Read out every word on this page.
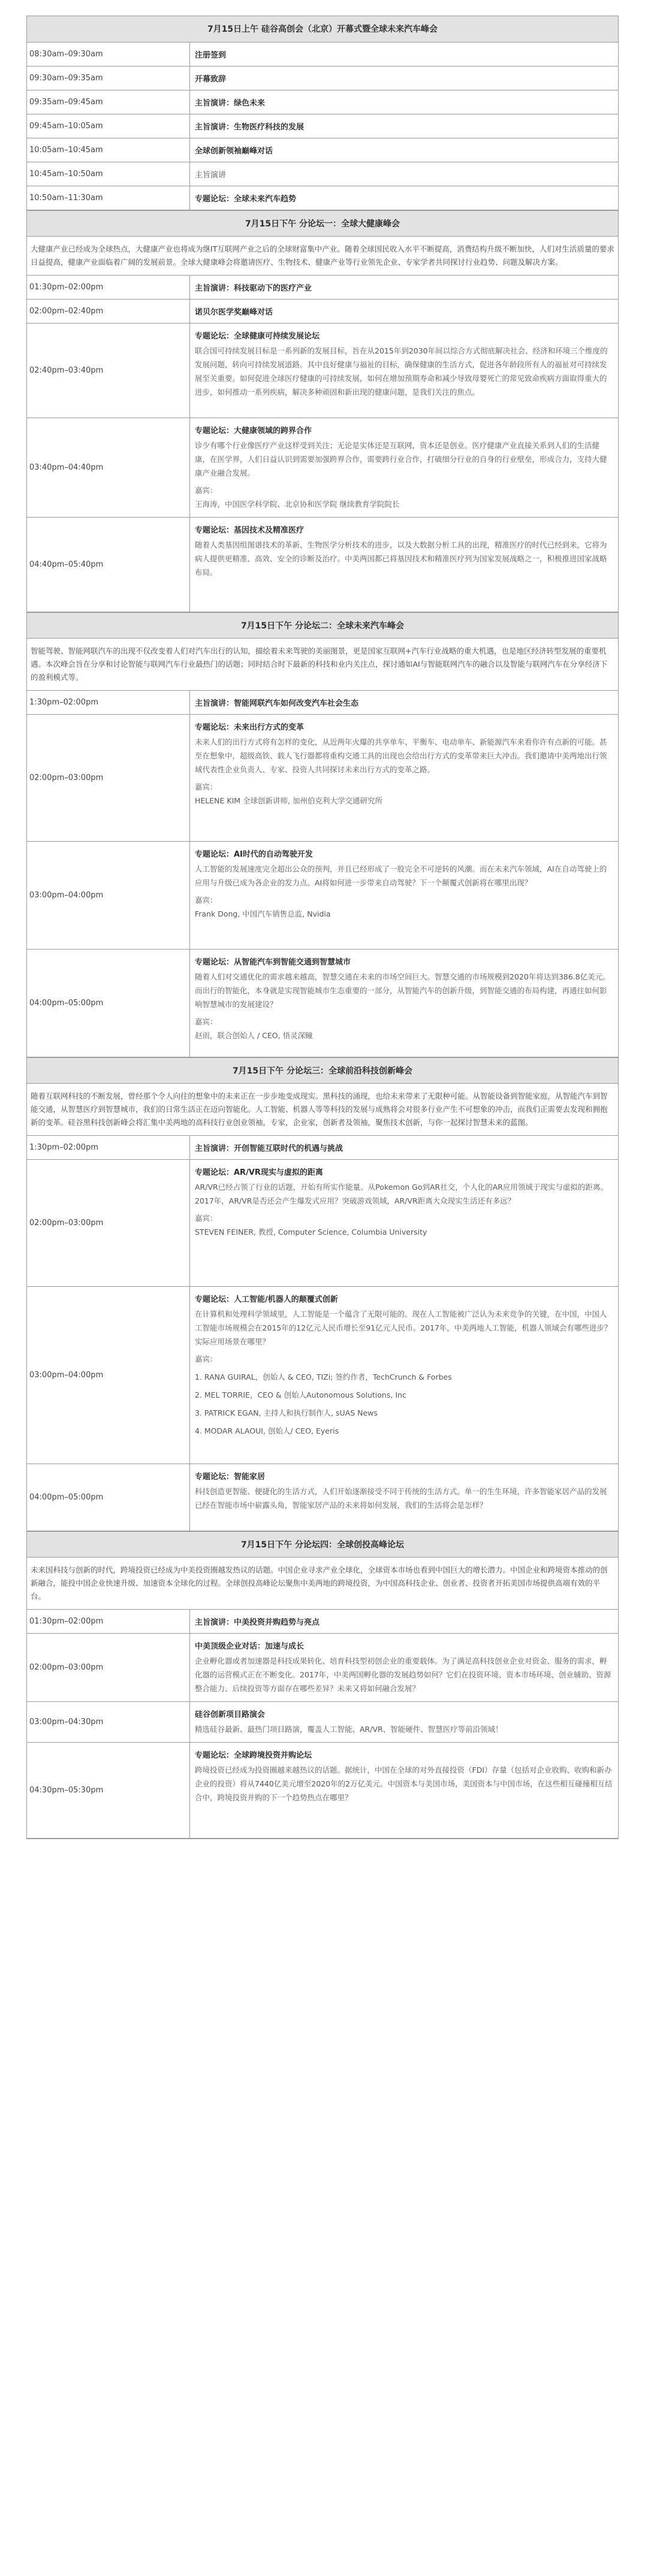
7月15日上午 硅谷高创会（北京）开幕式暨全球未来汽车峰会
08:30am–09:30am	注册签到
09:30am–09:35am	开幕致辞
09:35am–09:45am	主旨演讲：绿色未来
09:45am–10:05am	主旨演讲：生物医疗科技的发展
10:05am–10:45am	全球创新领袖巅峰对话
10:45am–10:50am	主旨演讲
10:50am–11:30am	专题论坛：全球未来汽车趋势
7月15日下午 分论坛一：全球大健康峰会
大健康产业已经成为全球热点，大健康产业也将成为继IT互联网产业之后的全球财富集中产业。随着全球国民收入水平不断提高，消费结构升级不断加快，人们对生活质量的要求日益提高，健康产业面临着广阔的发展前景。全球大健康峰会将邀请医疗、生物技术、健康产业等行业领先企业、专家学者共同探讨行业趋势、问题及解决方案。
01:30pm–02:00pm	主旨演讲：科技驱动下的医疗产业
02:00pm–02:40pm	诺贝尔医学奖巅峰对话
02:40pm–03:40pm
专题论坛：全球健康可持续发展论坛
联合国可持续发展目标是一系列新的发展目标，旨在从2015年到2030年间以综合方式彻底解决社会、经济和环境三个维度的发展问题，转向可持续发展道路。其中良好健康与福祉的目标，确保健康的生活方式，促进各年龄段所有人的福祉对可持续发展至关重要。如何促进全球医疗健康的可持续发展，如何在增加预期寿命和减少导致母婴死亡的常见致命疾病方面取得重大的进步，如何推动一系列疾病，解决多种顽固和新出现的健康问题，是我们关注的焦点。
03:40pm–04:40pm
专题论坛：大健康领域的跨界合作
诊少有哪个行业像医疗产业这样受到关注；无论是实体还是互联网，资本还是创业。医疗健康产业直接关系到人们的生活健康，在医学界，人们日益认识到需要加强跨界合作，需要跨行业合作，打破细分行业的自身的行业壁垒，形成合力，支持大健康产业融合发展。
嘉宾：
王海涛，中国医学科学院、北京协和医学院 继续教育学院院长
04:40pm–05:40pm
专题论坛：基因技术及精准医疗
随着人类基因组图谱技术的革新、生物医学分析技术的进步，以及大数据分析工具的出现，精准医疗的时代已经到来，它将为病人提供更精准、高效、安全的诊断及治疗。中美两国都已将基因技术和精准医疗列为国家发展战略之一，积极推进国家战略布局。
7月15日下午 分论坛二：全球未来汽车峰会
智能驾驶、智能网联汽车的出现不仅改变着人们对汽车出行的认知，描绘着未来驾驶的美丽图景，更是国家互联网+汽车行业战略的重大机遇，也是地区经济转型发展的重要机遇。本次峰会旨在分享和讨论智能与联网汽车行业最热门的话题；同时结合时下最新的科技和业内关注点，探讨通如AI与智能联网汽车的融合以及智能与联网汽车在分享经济下的盈利模式等。
1:30pm–02:00pm	主旨演讲：智能网联汽车如何改变汽车社会生态
02:00pm–03:00pm
专题论坛：未来出行方式的变革
未来人们的出行方式将有怎样的变化，从近两年火爆的共享单车、平衡车、电动单车、新能源汽车来看你许有点新的可能。甚至在想象中，超级高铁、载人飞行器都将重构交通工具的出现也会给出行方式的变革带来巨大冲击。我们邀请中美两地出行领域代表性企业负责人、专家、投资人共同探讨未来出行方式的变革之路。
嘉宾：
HELENE KIM 全球创新讲师, 加州伯克利大学交通研究所
03:00pm–04:00pm
专题论坛：AI时代的自动驾驶开发
人工智能的发展速度完全超出公众的预判，并且已经形成了一股完全不可逆转的风潮。而在未来汽车领域，AI在自动驾驶上的应用与升级已成为各企业的发力点。AI将如何进一步带来自动驾驶？下一个颠覆式创新将在哪里出现？
嘉宾：
Frank Dong, 中国汽车销售总监, Nvidia
04:00pm–05:00pm
专题论坛：从智能汽车到智能交通到智慧城市
随着人们对交通优化的需求越来越高，智慧交通在未来的市场空间巨大。智慧交通的市场规模到2020年将达到386.8亿美元。而出行的智能化，本身就是实现智能城市生态重要的一部分，从智能汽车的创新升级，到智能交通的布局构建，再通往如何影响智慧城市的发展建设？
嘉宾：
赵雨，联合创始人 / CEO, 悟灵深瞳
7月15日下午 分论坛三：全球前沿科技创新峰会
随着互联网科技的不断发展，曾经那个令人向往的想象中的未来正在一步步地变成现实。黑科技的涌现，也给未来带来了无限种可能。从智能设备到智能家庭，从智能汽车到智能交通，从智慧医疗到智慧城市，我们的日常生活正在迈向智能化。人工智能、机器人等等科技的发展与成熟将会对很多行业产生不可想象的冲击，而我们正需要去发现和拥抱新的变革。硅谷黑科技创新峰会将汇集中美两地的高科技行业创业领袖，专家，企业家，创新者及领袖，聚焦技术创新，与你一起探讨智慧未来的蓝图。
1:30pm–02:00pm	主旨演讲：开创智能互联时代的机遇与挑战
02:00pm–03:00pm
专题论坛：AR/VR现实与虚拟的距离
AR/VR已经占领了行业的话题，开始有所实作能量。从Pokemon Go到AR社交，个人化的AR应用领域于现实与虚拟的距离。2017年，AR/VR是否还会产生爆发式应用？突破游戏领域，AR/VR距离大众现实生活还有多远？
嘉宾：
STEVEN FEINER, 教授, Computer Science, Columbia University
03:00pm–04:00pm
专题论坛：人工智能/机器人的颠覆式创新
在计算机和处理科学领域里，人工智能是一个蕴含了无限可能的。现在人工智能被广泛认为未来竞争的关键，在中国，中国人工智能市场规模会在2015年的12亿元人民币增长至91亿元人民币。2017年，中美两地人工智能，机器人领域会有哪些进步？实际应用场景在哪里？
嘉宾：
1. RANA GUIRAL，创始人 & CEO, TIZi; 签约作者，TechCrunch & Forbes
2. MEL TORRIE，CEO & 创始人Autonomous Solutions, Inc
3. PATRICK EGAN, 主持人和执行制作人, sUAS News
4. MODAR ALAOUI, 创始人/ CEO, Eyeris
04:00pm–05:00pm
专题论坛：智能家居
科技创造更智能、便捷化的生活方式，人们开始逐渐接受不同于传统的生活方式。单一的生生环境，许多智能家居产品的发展已经在智能市场中崭露头角，智能家居产品的未来将如何发展，我们的生活将会是怎样？
7月15日下午 分论坛四：全球创投高峰论坛
未来国科技与创新的时代，跨境投资已经成为中美投资圈越发热议的话题。中国企业寻求产业全球化，全球资本市场也看到中国巨大的增长潜力。中国企业和跨境资本推动的创新融合，能投中国企业快速升级、加速资本全球化的过程。全球创投高峰论坛聚焦中美两地的跨境投资，为中国高科技企业、创业者、投资者开拓美国市场提供高端有效的平台。
01:30pm–02:00pm	主旨演讲：中美投资并购趋势与亮点
02:00pm–03:00pm
中美顶级企业对话：加速与成长
企业孵化器或者加速器是科技成果转化、培育科技型初创企业的重要载体。为了满足高科技创业企业对资金、服务的需求，孵化器的运营模式正在不断变化。2017年，中美两国孵化器的发展趋势如何？它们在投资环境、资本市场环境、创业辅助、资源整合能力、后续投资等方面存在哪些差异？未来又将如何融合发展？
03:00pm–04:30pm
硅谷创新项目路演会
精选硅谷最新、最热门项目路演，覆盖人工智能、AR/VR、智能硬件、智慧医疗等前沿领域！
04:30pm–05:30pm
专题论坛：全球跨境投资并购论坛
跨境投资已经成为投资圈越来越热议的话题。据统计，中国在全球的对外直接投资（FDI）存量（包括对企业收购、收购和新办企业的投资）将从7440亿美元增至2020年的2万亿美元。中国资本与美国市场，美国资本与中国市场，在这些相互碰撞相互结合中，跨境投资并购的下一个趋势热点在哪里？
